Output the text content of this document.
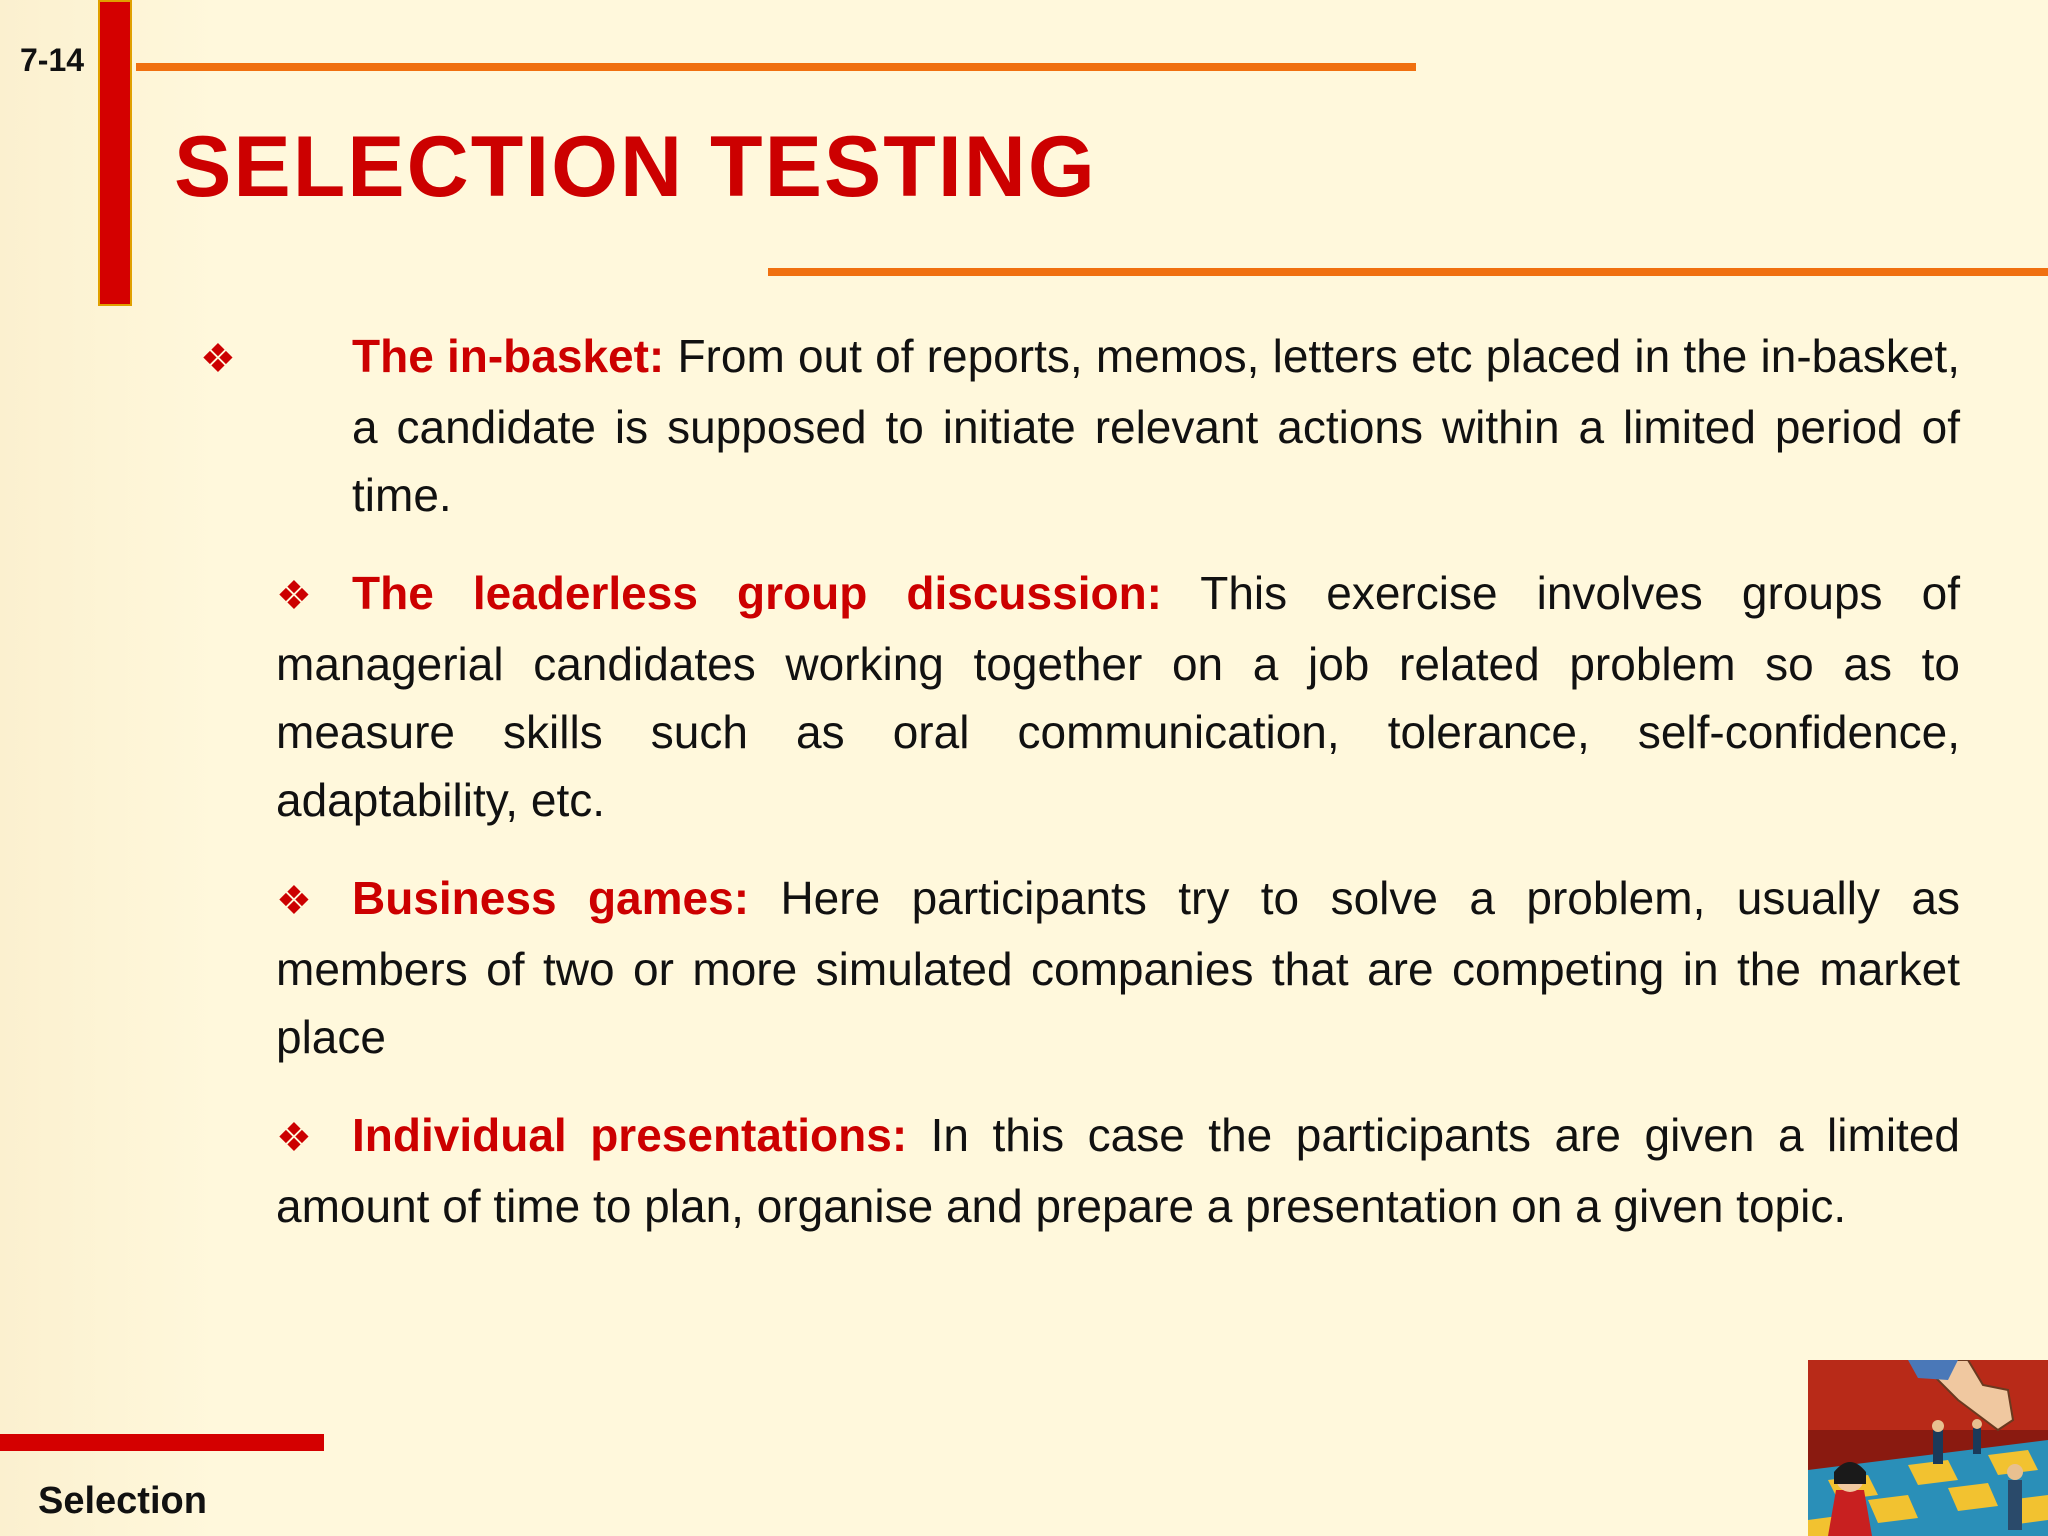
7-14
SELECTION TESTING

❖	The in-basket: From out of reports, memos, letters etc placed in the in-basket, a candidate is supposed to initiate relevant actions within a limited period of time.

❖ The leaderless group discussion: This exercise involves groups of managerial candidates working together on a job related problem so as to measure skills such as oral communication, tolerance, self-confidence, adaptability, etc.

❖ Business games: Here participants try to solve a problem, usually as members of two or more simulated companies that are competing in the market place

❖ Individual presentations: In this case the participants are given a limited amount of time to plan, organise and prepare a presentation on a given topic.

Selection
